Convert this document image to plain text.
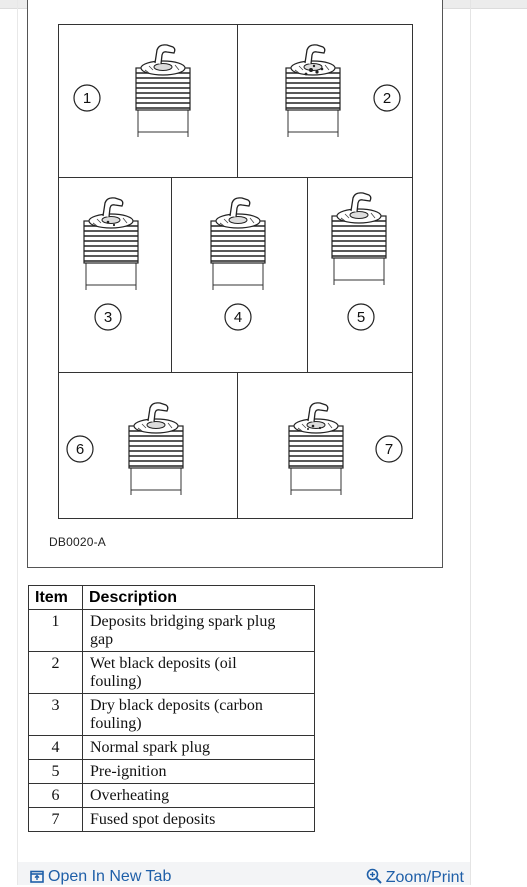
1	2
3	4	5
6	7
DB0020-A
Item	Description
1	Deposits bridging spark plug
gap
2	Wet black deposits (oil
fouling)
3	Dry black deposits (carbon
fouling)
4	Normal spark plug
5	Pre-ignition
6	Overheating
7	Fused spot deposits
Open In New Tab	Zoom/Print
